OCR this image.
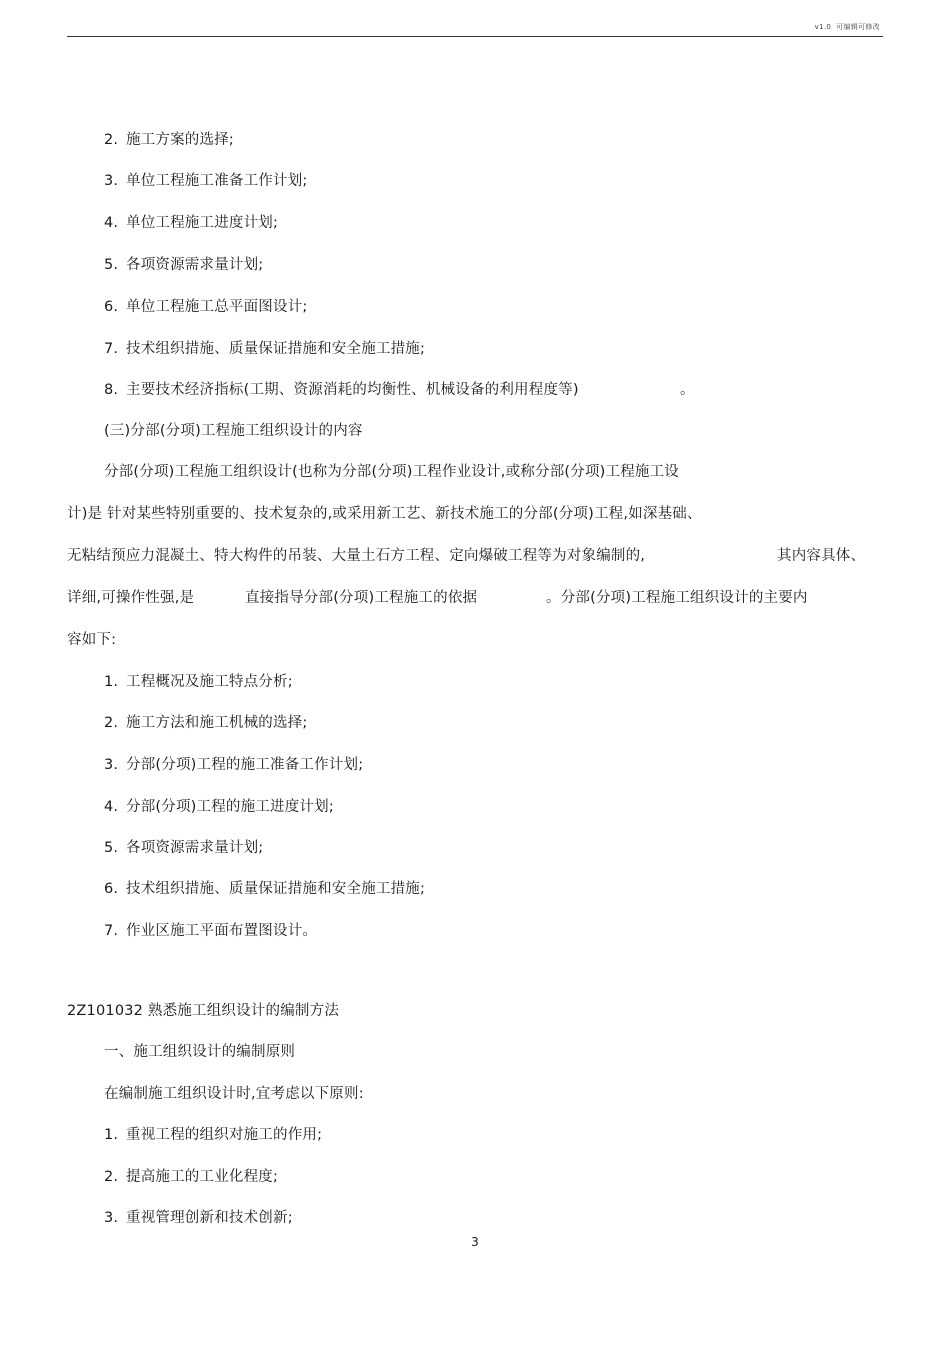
v1.0 可编辑可修改
2. 施工方案的选择;
3. 单位工程施工准备工作计划;
4. 单位工程施工进度计划;
5. 各项资源需求量计划;
6. 单位工程施工总平面图设计;
7. 技术组织措施、质量保证措施和安全施工措施;
8. 主要技术经济指标(工期、资源消耗的均衡性、机械设备的利用程度等)	。
(三)分部(分项)工程施工组织设计的内容
分部(分项)工程施工组织设计(也称为分部(分项)工程作业设计,或称分部(分项)工程施工设
计)是 针对某些特别重要的、技术复杂的,或采用新工艺、新技术施工的分部(分项)工程,如深基础、
无粘结预应力混凝土、特大构件的吊装、大量土石方工程、定向爆破工程等为对象编制的,	其内容具体、
详细,可操作性强,是	直接指导分部(分项)工程施工的依据	。分部(分项)工程施工组织设计的主要内
容如下:
1. 工程概况及施工特点分析;
2. 施工方法和施工机械的选择;
3. 分部(分项)工程的施工准备工作计划;
4. 分部(分项)工程的施工进度计划;
5. 各项资源需求量计划;
6. 技术组织措施、质量保证措施和安全施工措施;
7. 作业区施工平面布置图设计。
2Z101032 熟悉施工组织设计的编制方法
一、施工组织设计的编制原则
在编制施工组织设计时,宜考虑以下原则:
1. 重视工程的组织对施工的作用;
2. 提高施工的工业化程度;
3. 重视管理创新和技术创新;
3
